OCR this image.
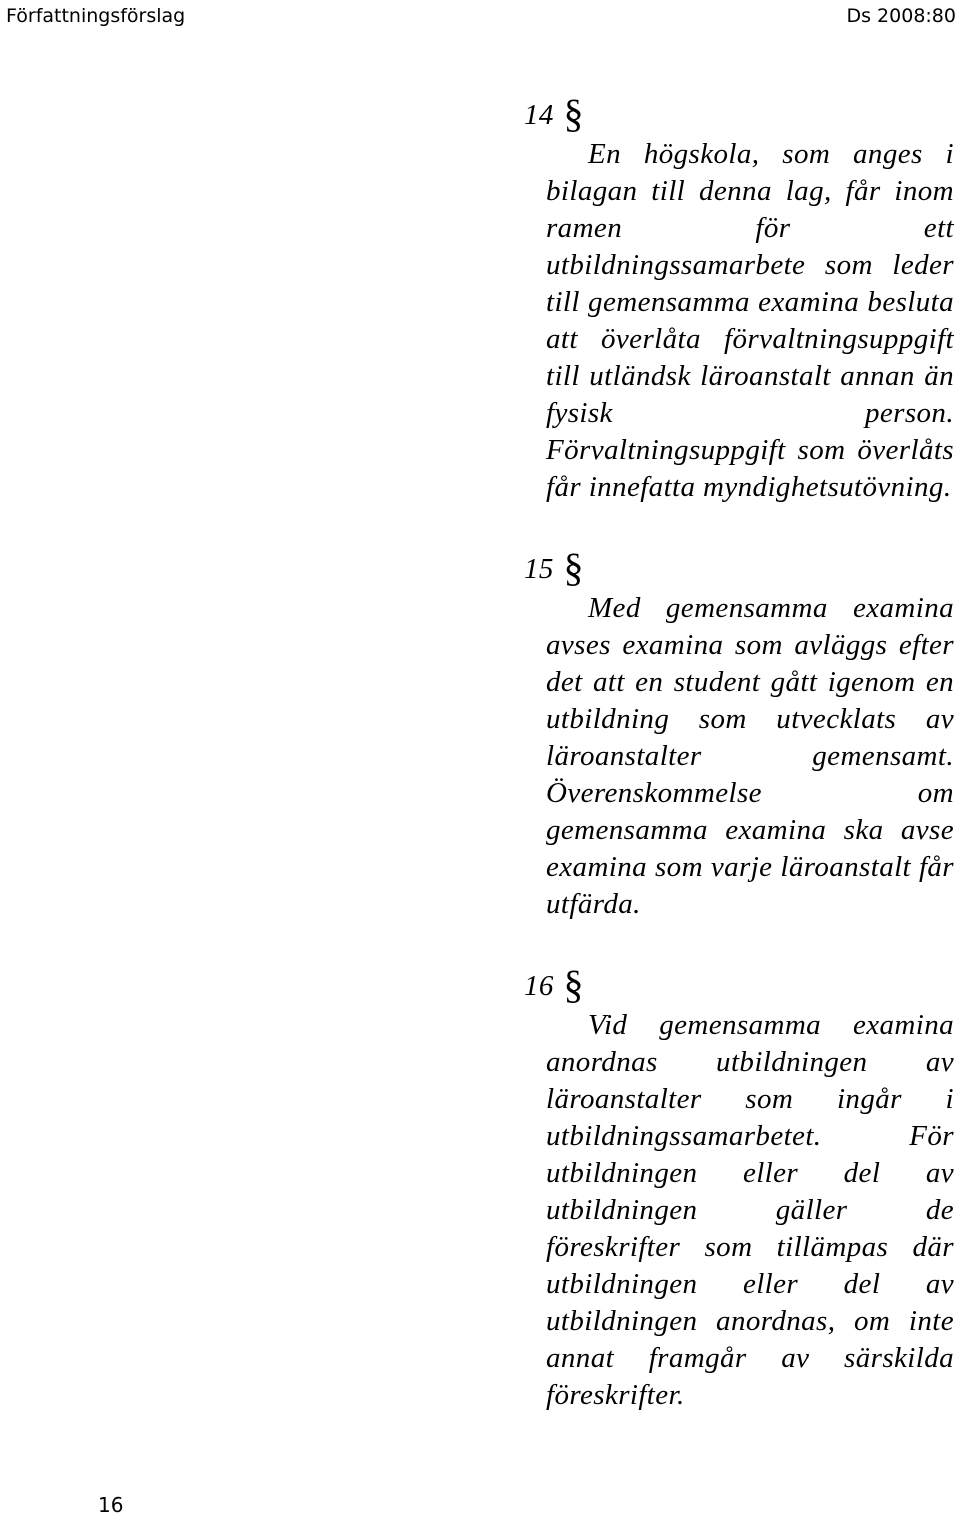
Författningsförslag	Ds 2008:80
14 §

En högskola, som anges i bilagan till denna lag, får inom ramen för ett utbildningssamarbete som leder till gemensamma examina besluta att överlåta förvaltningsuppgift till utländsk läroanstalt annan än fysisk person. Förvaltningsuppgift som överlåts får innefatta myndighetsutövning.

15 §

Med gemensamma examina avses examina som avläggs efter det att en student gått igenom en utbildning som utvecklats av läroanstalter gemensamt. Överenskommelse om gemensamma examina ska avse examina som varje läroanstalt får utfärda.

16 §

Vid gemensamma examina anordnas utbildningen av läroanstalter som ingår i utbildningssamarbetet. För utbildningen eller del av utbildningen gäller de föreskrifter som tillämpas där utbildningen eller del av utbildningen anordnas, om inte annat framgår av särskilda föreskrifter.

16
